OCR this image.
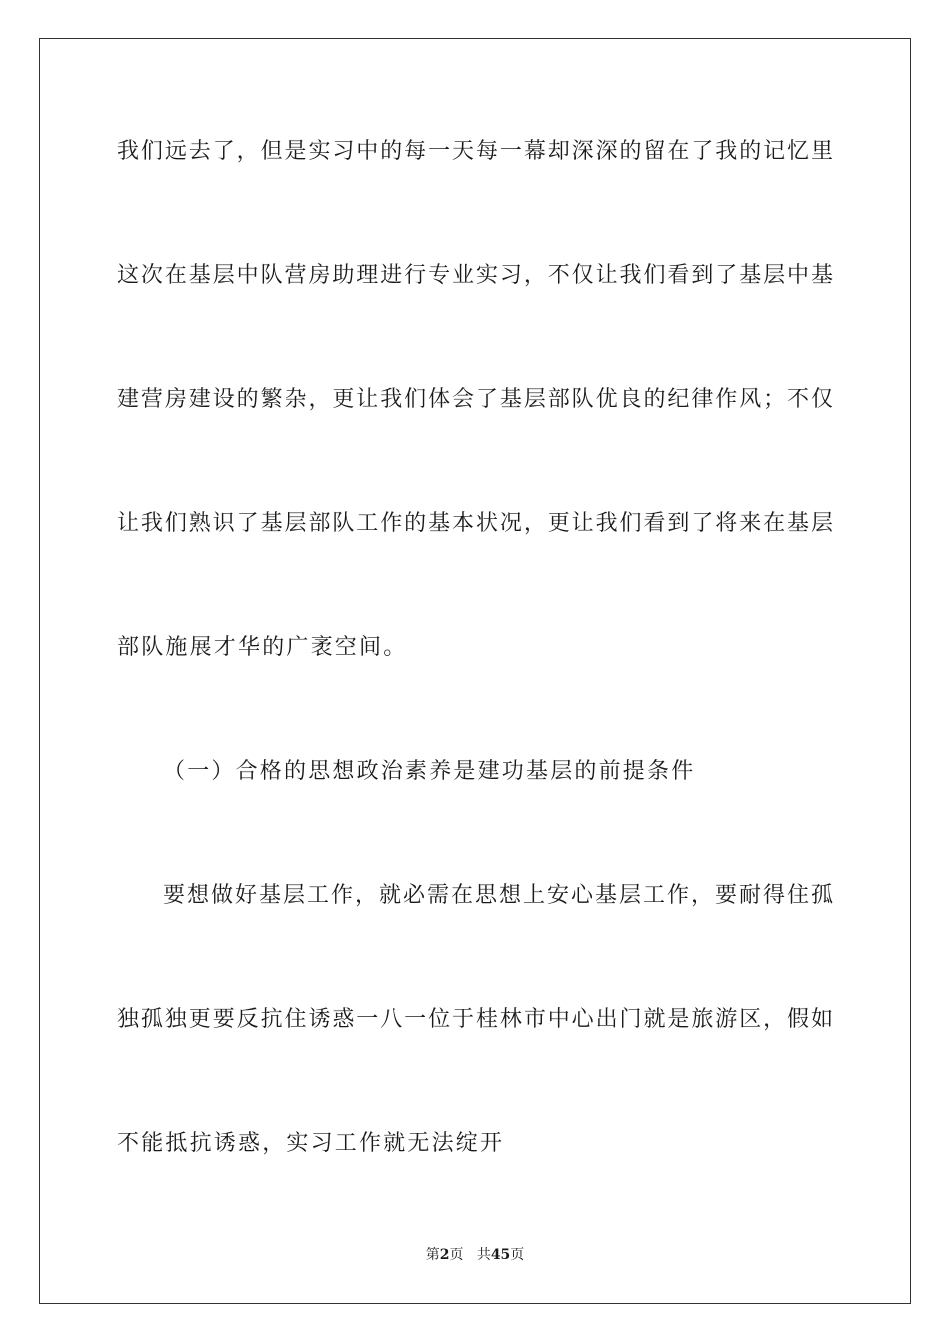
我们远去了，但是实习中的每一天每一幕却深深的留在了我的记忆里
这次在基层中队营房助理进行专业实习，不仅让我们看到了基层中基
建营房建设的繁杂，更让我们体会了基层部队优良的纪律作风；不仅
让我们熟识了基层部队工作的基本状况，更让我们看到了将来在基层
部队施展才华的广袤空间。
（一）合格的思想政治素养是建功基层的前提条件
要想做好基层工作，就必需在思想上安心基层工作，要耐得住孤
独孤独更要反抗住诱惑一八一位于桂林市中心出门就是旅游区，假如
不能抵抗诱惑，实习工作就无法绽开
第2页 共45页
